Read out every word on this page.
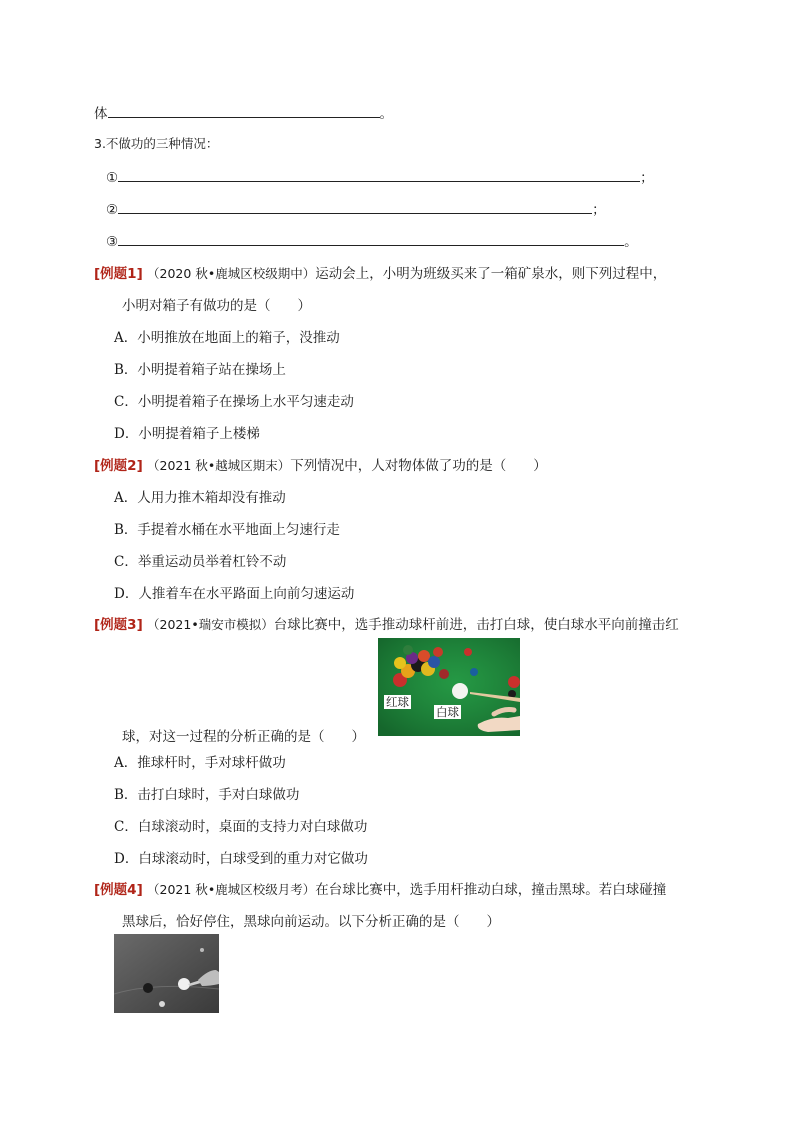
体	。
3.不做功的三种情况：
①	；
②	；
③	。
[例题1] （2020 秋•鹿城区校级期中）运动会上，小明为班级买来了一箱矿泉水，则下列过程中，
小明对箱子有做功的是（　　）
A．小明推放在地面上的箱子，没推动
B．小明提着箱子站在操场上
C．小明提着箱子在操场上水平匀速走动
D．小明提着箱子上楼梯
[例题2] （2021 秋•越城区期末）下列情况中，人对物体做了功的是（　　）
A．人用力推木箱却没有推动
B．手提着水桶在水平地面上匀速行走
C．举重运动员举着杠铃不动
D．人推着车在水平路面上向前匀速运动
[例题3] （2021•瑞安市模拟）台球比赛中，选手推动球杆前进，击打白球，使白球水平向前撞击红
红球
白球
球，对这一过程的分析正确的是（　　）
A．推球杆时，手对球杆做功
B．击打白球时，手对白球做功
C．白球滚动时，桌面的支持力对白球做功
D．白球滚动时，白球受到的重力对它做功
[例题4] （2021 秋•鹿城区校级月考）在台球比赛中，选手用杆推动白球，撞击黑球。若白球碰撞
黑球后，恰好停住，黑球向前运动。以下分析正确的是（　　）
